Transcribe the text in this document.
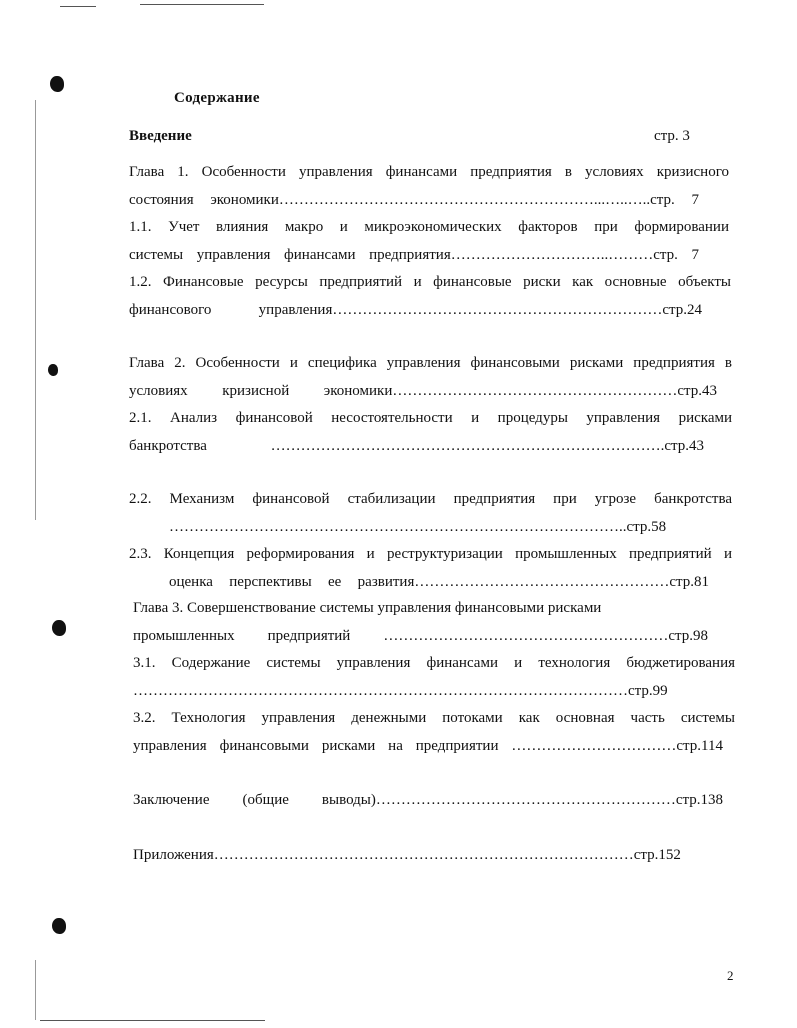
Содержание
Введение	стр. 3
Глава 1. Особенности управления финансами предприятия в условиях кризисного
состояния экономики………………………………………………………...…..…..стр. 7
1.1. Учет влияния макро и микроэкономических факторов при формировании
системы управления финансами предприятия…………………………..………стр. 7
1.2. Финансовые ресурсы предприятий и финансовые риски как основные объекты
финансового управления…………………………………………………………стр.24
Глава 2. Особенности и специфика управления финансовыми рисками предприятия в
условиях кризисной экономики…………………………………………………стр.43
2.1. Анализ финансовой несостоятельности и процедуры управления рисками
банкротства …………………………………………………………………….стр.43
2.2. Механизм финансовой стабилизации предприятия при угрозе банкротства
………………………………………………………………………………..стр.58
2.3. Концепция реформирования и реструктуризации промышленных предприятий и
оценка перспективы ее развития……………………………………………стр.81
Глава 3. Совершенствование системы управления финансовыми рисками
промышленных предприятий …………………………………………………стр.98
3.1. Содержание системы управления финансами и технология бюджетирования
………………………………………………………………………………………стр.99
3.2. Технология управления денежными потоками как основная часть системы
управления финансовыми рисками на предприятии ……………………………стр.114
Заключение (общие выводы)……………………………………………………стр.138
Приложения…………………………………………………………………………стр.152
2
